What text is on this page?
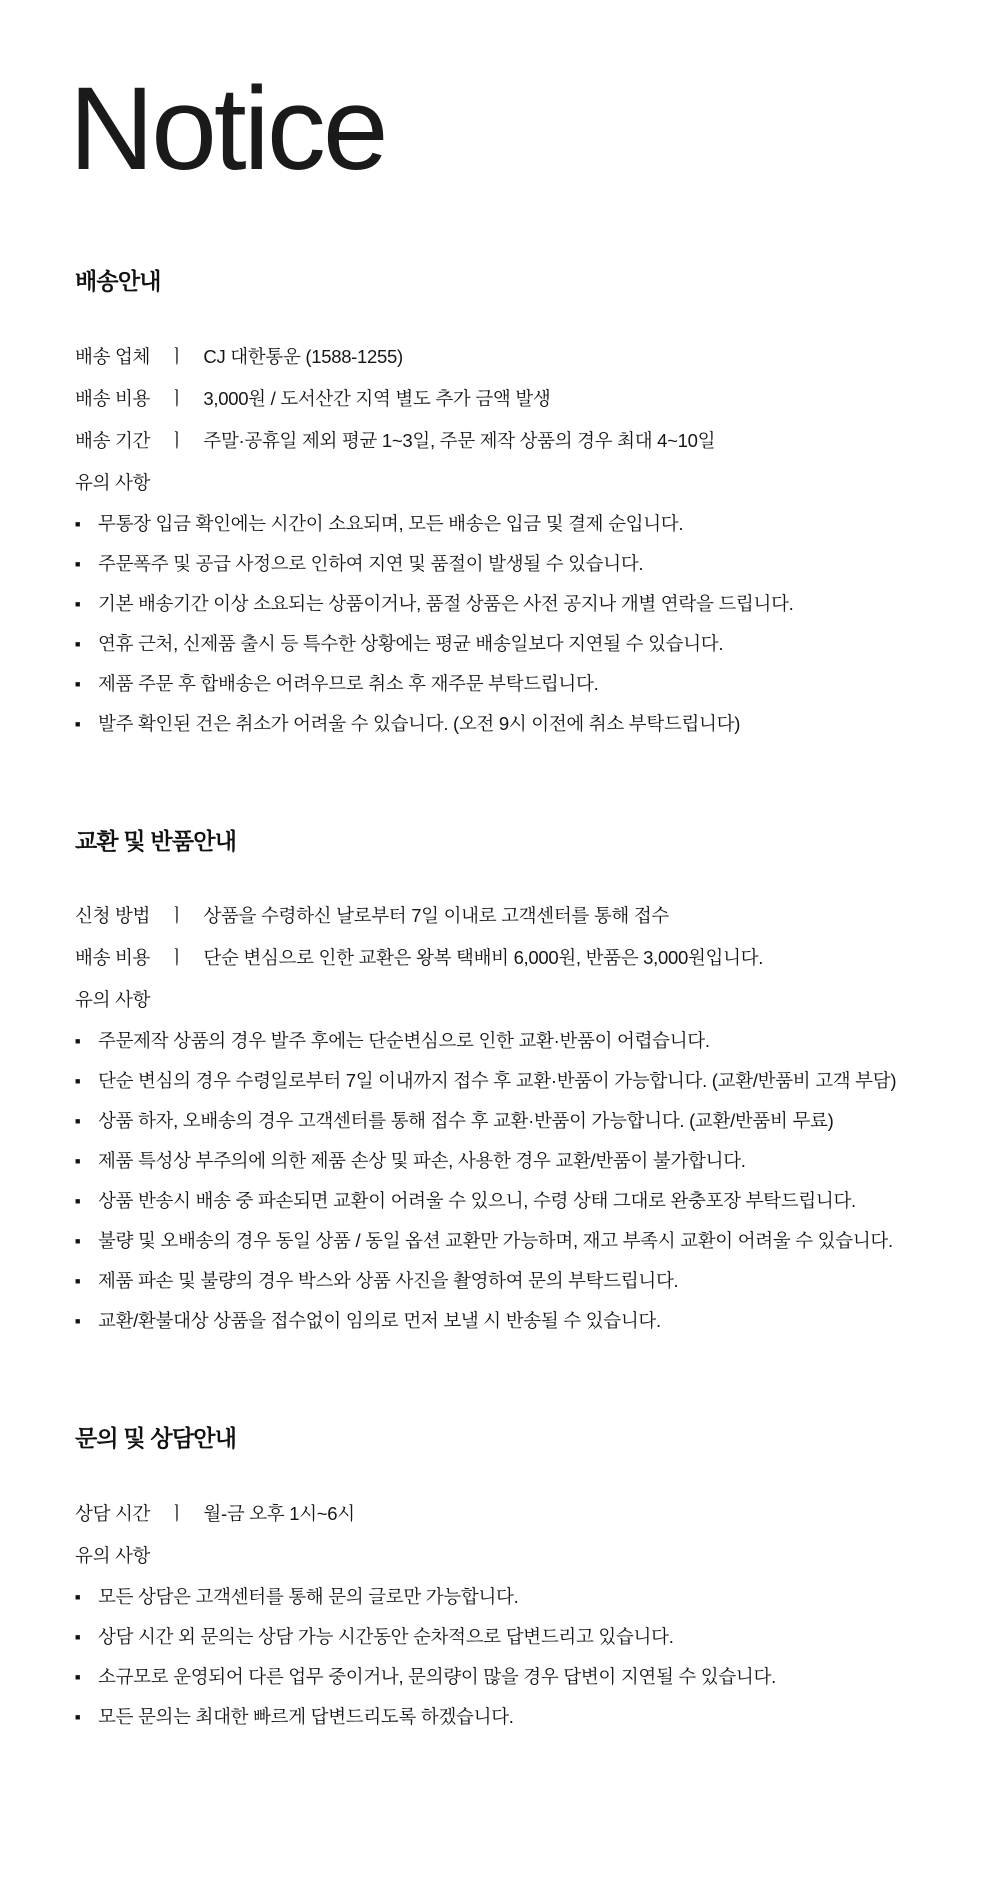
Notice
배송안내
배송 업체 ㅣ CJ 대한통운 (1588-1255)
배송 비용 ㅣ 3,000원 / 도서산간 지역 별도 추가 금액 발생
배송 기간 ㅣ 주말·공휴일 제외 평균 1~3일, 주문 제작 상품의 경우 최대 4~10일
유의 사항
■ 무통장 입금 확인에는 시간이 소요되며, 모든 배송은 입금 및 결제 순입니다.
■ 주문폭주 및 공급 사정으로 인하여 지연 및 품절이 발생될 수 있습니다.
■ 기본 배송기간 이상 소요되는 상품이거나, 품절 상품은 사전 공지나 개별 연락을 드립니다.
■ 연휴 근처, 신제품 출시 등 특수한 상황에는 평균 배송일보다 지연될 수 있습니다.
■ 제품 주문 후 합배송은 어려우므로 취소 후 재주문 부탁드립니다.
■ 발주 확인된 건은 취소가 어려울 수 있습니다. (오전 9시 이전에 취소 부탁드립니다)
교환 및 반품안내
신청 방법 ㅣ 상품을 수령하신 날로부터 7일 이내로 고객센터를 통해 접수
배송 비용 ㅣ 단순 변심으로 인한 교환은 왕복 택배비 6,000원, 반품은 3,000원입니다.
유의 사항
■ 주문제작 상품의 경우 발주 후에는 단순변심으로 인한 교환·반품이 어렵습니다.
■ 단순 변심의 경우 수령일로부터 7일 이내까지 접수 후 교환·반품이 가능합니다. (교환/반품비 고객 부담)
■ 상품 하자, 오배송의 경우 고객센터를 통해 접수 후 교환·반품이 가능합니다. (교환/반품비 무료)
■ 제품 특성상 부주의에 의한 제품 손상 및 파손, 사용한 경우 교환/반품이 불가합니다.
■ 상품 반송시 배송 중 파손되면 교환이 어려울 수 있으니, 수령 상태 그대로 완충포장 부탁드립니다.
■ 불량 및 오배송의 경우 동일 상품 / 동일 옵션 교환만 가능하며, 재고 부족시 교환이 어려울 수 있습니다.
■ 제품 파손 및 불량의 경우 박스와 상품 사진을 촬영하여 문의 부탁드립니다.
■ 교환/환불대상 상품을 접수없이 임의로 먼저 보낼 시 반송될 수 있습니다.
문의 및 상담안내
상담 시간 ㅣ 월-금 오후 1시~6시
유의 사항
■ 모든 상담은 고객센터를 통해 문의 글로만 가능합니다.
■ 상담 시간 외 문의는 상담 가능 시간동안 순차적으로 답변드리고 있습니다.
■ 소규모로 운영되어 다른 업무 중이거나, 문의량이 많을 경우 답변이 지연될 수 있습니다.
■ 모든 문의는 최대한 빠르게 답변드리도록 하겠습니다.
